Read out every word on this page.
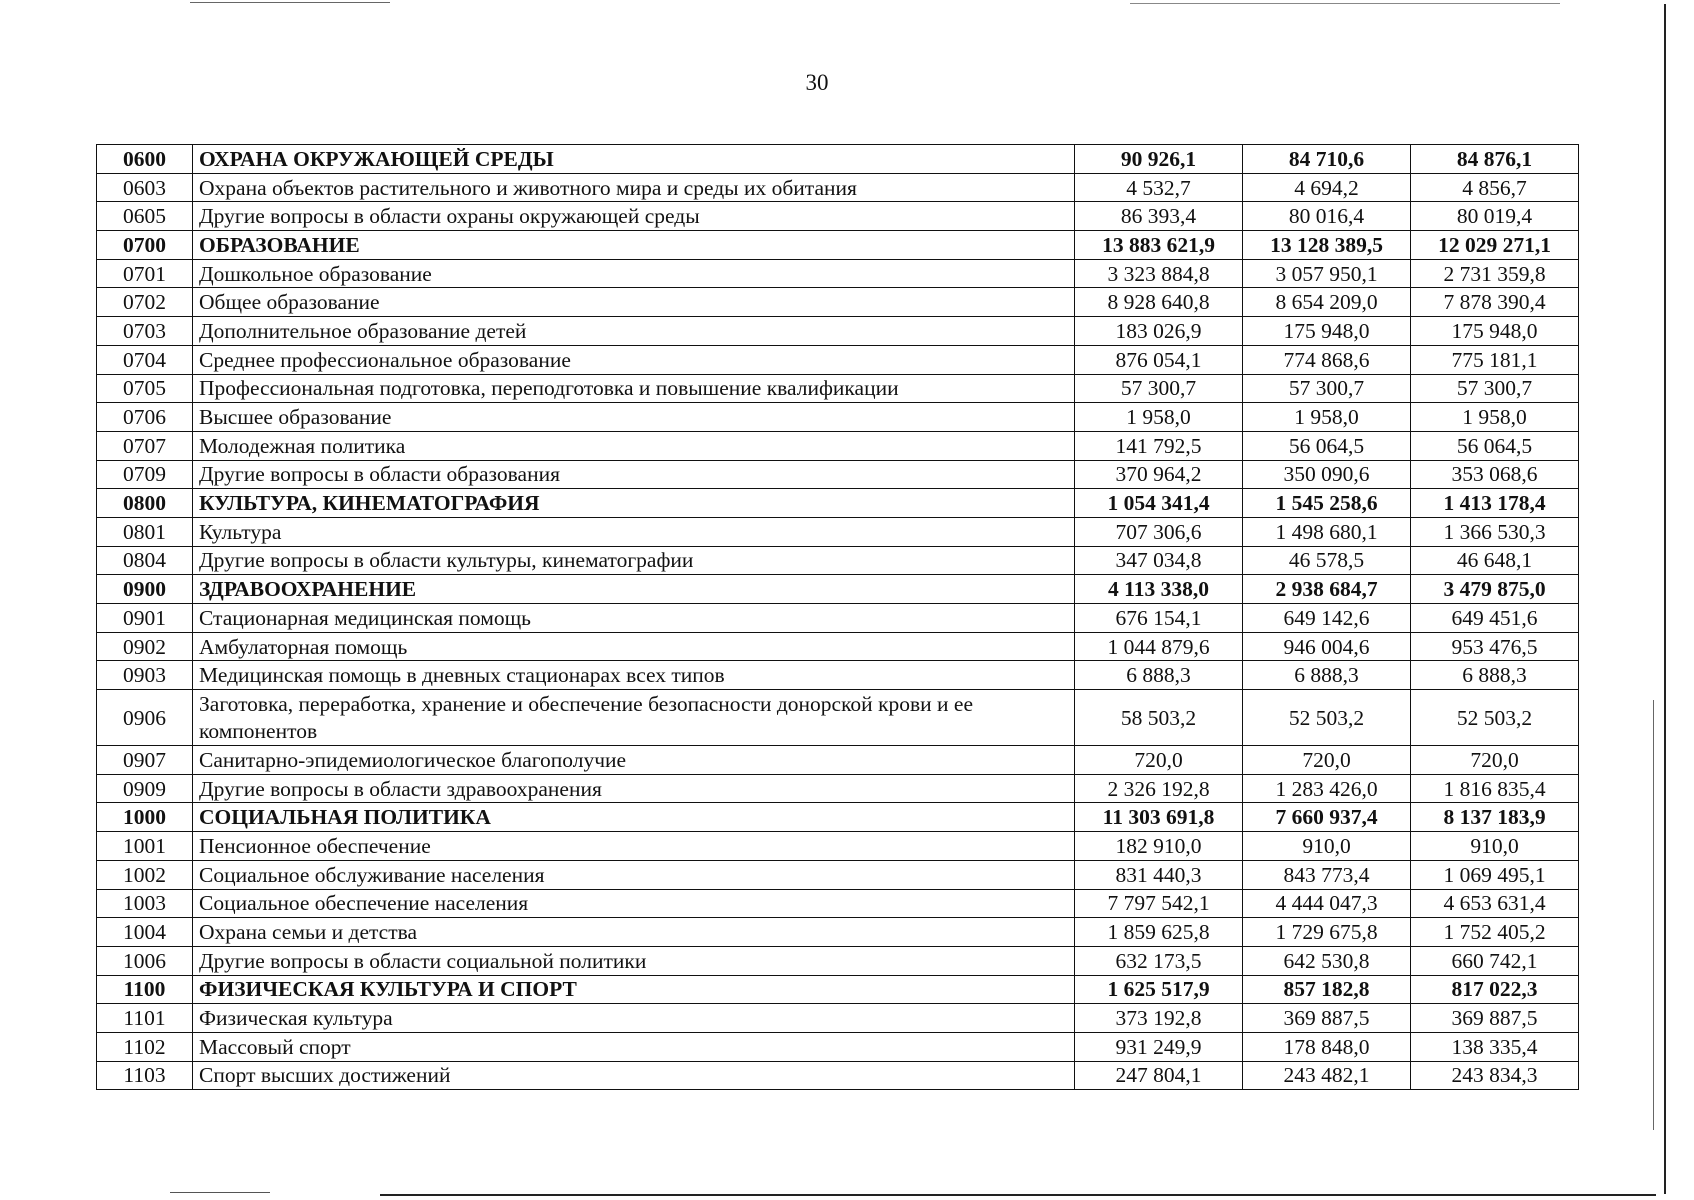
30
0600	ОХРАНА ОКРУЖАЮЩЕЙ СРЕДЫ	90 926,1	84 710,6	84 876,1
0603	Охрана объектов растительного и животного мира и среды их обитания	4 532,7	4 694,2	4 856,7
0605	Другие вопросы в области охраны окружающей среды	86 393,4	80 016,4	80 019,4
0700	ОБРАЗОВАНИЕ	13 883 621,9	13 128 389,5	12 029 271,1
0701	Дошкольное образование	3 323 884,8	3 057 950,1	2 731 359,8
0702	Общее образование	8 928 640,8	8 654 209,0	7 878 390,4
0703	Дополнительное образование детей	183 026,9	175 948,0	175 948,0
0704	Среднее профессиональное образование	876 054,1	774 868,6	775 181,1
0705	Профессиональная подготовка, переподготовка и повышение квалификации	57 300,7	57 300,7	57 300,7
0706	Высшее образование	1 958,0	1 958,0	1 958,0
0707	Молодежная политика	141 792,5	56 064,5	56 064,5
0709	Другие вопросы в области образования	370 964,2	350 090,6	353 068,6
0800	КУЛЬТУРА, КИНЕМАТОГРАФИЯ	1 054 341,4	1 545 258,6	1 413 178,4
0801	Культура	707 306,6	1 498 680,1	1 366 530,3
0804	Другие вопросы в области культуры, кинематографии	347 034,8	46 578,5	46 648,1
0900	ЗДРАВООХРАНЕНИЕ	4 113 338,0	2 938 684,7	3 479 875,0
0901	Стационарная медицинская помощь	676 154,1	649 142,6	649 451,6
0902	Амбулаторная помощь	1 044 879,6	946 004,6	953 476,5
0903	Медицинская помощь в дневных стационарах всех типов	6 888,3	6 888,3	6 888,3
0906	Заготовка, переработка, хранение и обеспечение безопасности донорской крови и ее компонентов	58 503,2	52 503,2	52 503,2
0907	Санитарно-эпидемиологическое благополучие	720,0	720,0	720,0
0909	Другие вопросы в области здравоохранения	2 326 192,8	1 283 426,0	1 816 835,4
1000	СОЦИАЛЬНАЯ ПОЛИТИКА	11 303 691,8	7 660 937,4	8 137 183,9
1001	Пенсионное обеспечение	182 910,0	910,0	910,0
1002	Социальное обслуживание населения	831 440,3	843 773,4	1 069 495,1
1003	Социальное обеспечение населения	7 797 542,1	4 444 047,3	4 653 631,4
1004	Охрана семьи и детства	1 859 625,8	1 729 675,8	1 752 405,2
1006	Другие вопросы в области социальной политики	632 173,5	642 530,8	660 742,1
1100	ФИЗИЧЕСКАЯ КУЛЬТУРА И СПОРТ	1 625 517,9	857 182,8	817 022,3
1101	Физическая культура	373 192,8	369 887,5	369 887,5
1102	Массовый спорт	931 249,9	178 848,0	138 335,4
1103	Спорт высших достижений	247 804,1	243 482,1	243 834,3
